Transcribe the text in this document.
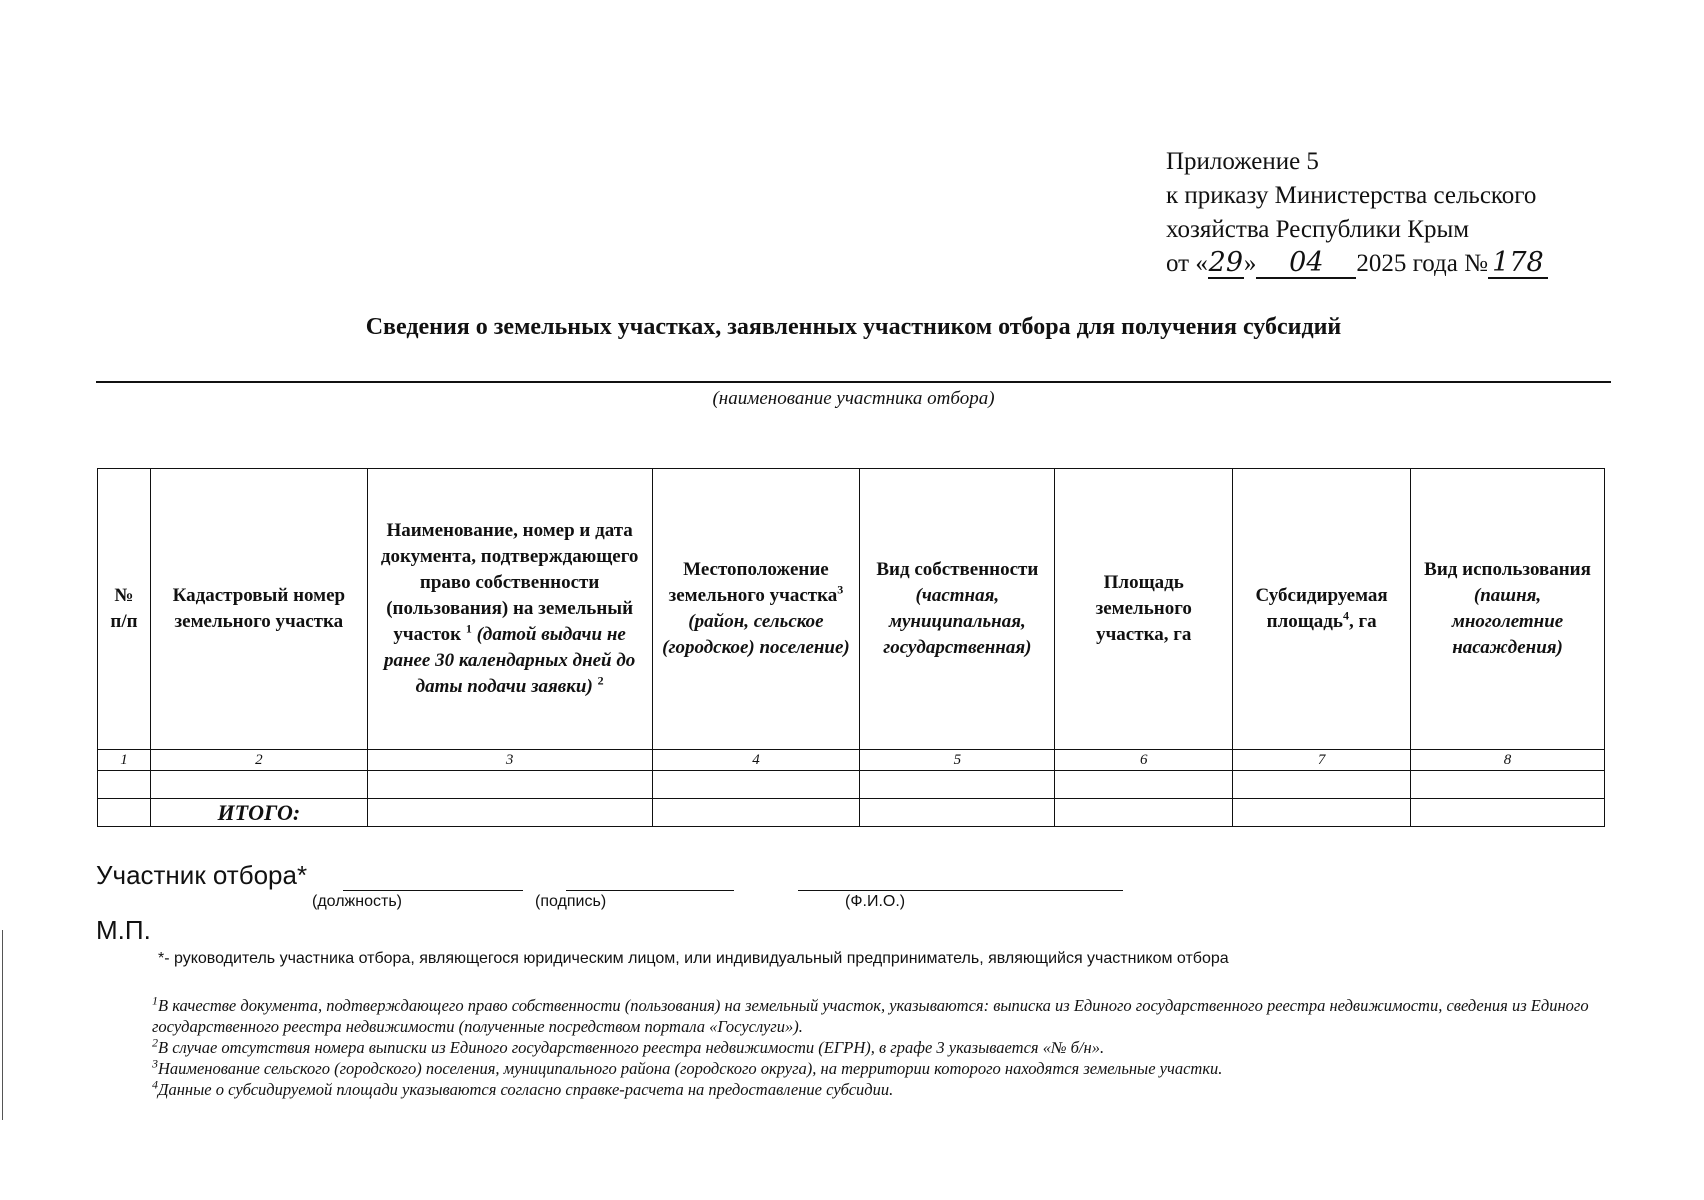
Приложение 5
к приказу Министерства сельского
хозяйства Республики Крым
от «29» 04 2025 года № 178
Сведения о земельных участках, заявленных участником отбора для получения субсидий
(наименование участника отбора)
№ п/п	Кадастровый номер земельного участка	Наименование, номер и дата документа, подтверждающего право собственности (пользования) на земельный участок $^1$ (датой выдачи не ранее 30 календарных дней до даты подачи заявки) $^2$	Местоположение земельного участка$^3$ (район, сельское (городское) поселение)	Вид собственности (частная, муниципальная, государственная)	Площадь земельного участка, га	Субсидируемая площадь$^4$, га	Вид использования (пашня, многолетние насаждения)
1	2	3	4	5	6	7	8

	ИТОГО:						
Участник отбора*
(должность)	(подпись)	(Ф.И.О.)
М.П.
*- руководитель участника отбора, являющегося юридическим лицом, или индивидуальный предприниматель, являющийся участником отбора

$^1$В качестве документа, подтверждающего право собственности (пользования) на земельный участок, указываются: выписка из Единого государственного реестра недвижимости, сведения из Единого государственного реестра недвижимости (полученные посредством портала «Госуслуги»).

$^2$В случае отсутствия номера выписки из Единого государственного реестра недвижимости (ЕГРН), в графе 3 указывается «№ б/н».

$^3$Наименование сельского (городского) поселения, муниципального района (городского округа), на территории которого находятся земельные участки.

$^4$Данные о субсидируемой площади указываются согласно справке-расчета на предоставление субсидии.
